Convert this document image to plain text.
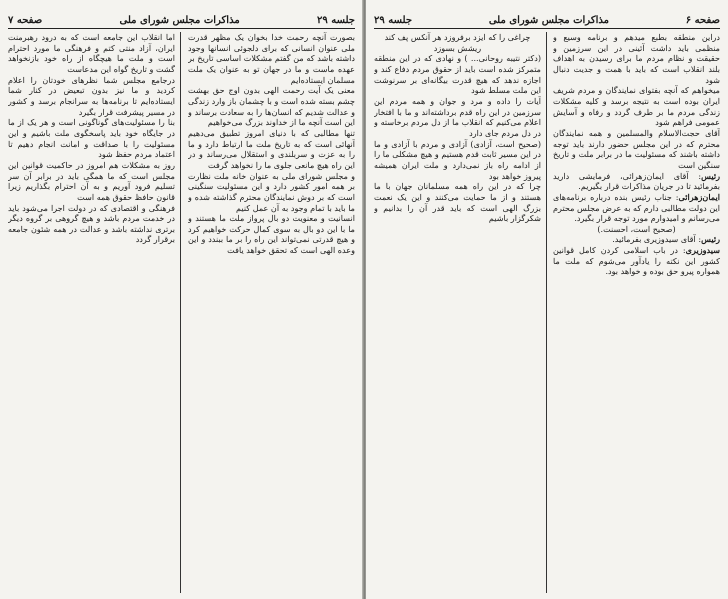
جلسه ۲۹
مذاکرات مجلس شورای ملی
صفحه ۷

بصورت آنچه رحمت خدا بخوان یک مظهر قدرت ملی عنوان انسانی که برای دلجوئی انسانها وجود داشته باشد که من گفتم مشکلات اساسی تاریخ بر عهده ماست و ما در جهان تو به عنوان یک ملت مسلمان ایستاده‌ایم

معنی یک آیت رحمت الهی بدون اوج حق بهشت چشم بسته شده است و با چشمان باز وارد زندگی و عدالت شدیم که انسان‌ها را به سعادت برساند و این است آنچه ما از خداوند بزرگ می‌خواهیم

تنها مطالبی که با دنیای امروز تطبیق می‌دهیم آنهائی است که به تاریخ ملت ما ارتباط دارد و ما را به عزت و سربلندی و استقلال می‌رساند و در این راه هیچ مانعی جلوی ما را نخواهد گرفت

و مجلس شورای ملی به عنوان خانه ملت نظارت بر همه امور کشور دارد و این مسئولیت سنگینی است که بر دوش نمایندگان محترم گذاشته شده و ما باید با تمام وجود به آن عمل کنیم

انسانیت و معنویت دو بال پرواز ملت ما هستند و ما با این دو بال به سوی کمال حرکت خواهیم کرد و هیچ قدرتی نمی‌تواند این راه را بر ما ببندد و این وعده الهی است که تحقق خواهد یافت

اما انقلاب این جامعه است که به درود رهبرمنت ایران، آزاد منتی کتم و فرهنگی ما مورد احترام است و ملت ما هیچگاه از راه خود بازنخواهد گشت و تاریخ گواه این مدعاست

درجامع مجلس شما نظرهای خودتان را اعلام کردید و ما نیز بدون تبعیض در کنار شما ایستاده‌ایم تا برنامه‌ها به سرانجام برسد و کشور در مسیر پیشرفت قرار بگیرد

بنا را مسئولیت‌های گوناگونی است و هر یک از ما در جایگاه خود باید پاسخگوی ملت باشیم و این مسئولیت را با صداقت و امانت انجام دهیم تا اعتماد مردم حفظ شود

روز به مشکلات هم امروز در حاکمیت قوانین این مجلس است که ما همگی باید در برابر آن سر تسلیم فرود آوریم و به آن احترام بگذاریم زیرا قانون حافظ حقوق همه است

فرهنگی و اقتصادی که در دولت اجرا می‌شود باید در خدمت مردم باشد و هیچ گروهی بر گروه دیگر برتری نداشته باشد و عدالت در همه شئون جامعه برقرار گردد

صفحه ۶
مذاکرات مجلس شورای ملی
جلسه ۲۹

دراین منطقه بطبع میدهم و برنامه وسیع و منظمی باید داشت آئینی در این سرزمین و حقیقت و نظام مردم ما برای رسیدن به اهداف بلند انقلاب است که باید با همت و جدیت دنبال شود

میخواهم که آنچه بفتوای نمایندگان و مردم شریف ایران بوده است به نتیجه برسد و کلیه مشکلات زندگی مردم ما بر طرف گردد و رفاه و آسایش عمومی فراهم شود

آقای حجت‌الاسلام والمسلمین و همه نمایندگان محترم که در این مجلس حضور دارند باید توجه داشته باشند که مسئولیت ما در برابر ملت و تاریخ سنگین است

رئیس: آقای ایمان‌زهرائی، فرمایشی دارید بفرمائید تا در جریان مذاکرات قرار بگیریم.

ایمان‌زهرائی: جناب رئیس بنده درباره برنامه‌های این دولت مطالبی دارم که به عرض مجلس محترم می‌رسانم و امیدوارم مورد توجه قرار بگیرد.

(صحیح است، احسنت.)

رئیس: آقای سیدوزیری بفرمائید.

سیدوزیری: در باب اسلامی کردن کامل قوانین کشور این نکته را یادآور می‌شوم که ملت ما همواره پیرو حق بوده و خواهد بود.

چراغی را که ایزد برفروزد هر آنکس پف کند ریشش بسوزد

(دکتر نتیبه روحانی... ) و نهادی که در این منطقه متمرکز شده است باید از حقوق مردم دفاع کند و اجازه ندهد که هیچ قدرت بیگانه‌ای بر سرنوشت این ملت مسلط شود

آیات را داده و مرد و جوان و همه مردم این سرزمین در این راه قدم برداشته‌اند و ما با افتخار اعلام می‌کنیم که انقلاب ما از دل مردم برخاسته و در دل مردم جای دارد

(صحیح است، آزادی) آزادی و مردم با آزادی و ما در این مسیر ثابت قدم هستیم و هیچ مشکلی ما را از ادامه راه باز نمی‌دارد و ملت ایران همیشه پیروز خواهد بود

چرا که در این راه همه مسلمانان جهان با ما هستند و از ما حمایت می‌کنند و این یک نعمت بزرگ الهی است که باید قدر آن را بدانیم و شکرگزار باشیم
